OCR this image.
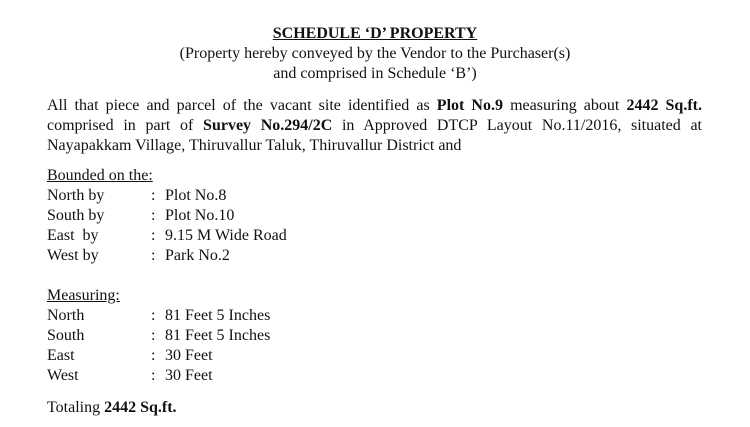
SCHEDULE ‘D’ PROPERTY
(Property hereby conveyed by the Vendor to the Purchaser(s)
and comprised in Schedule ‘B’)
All that piece and parcel of the vacant site identified as Plot No.9 measuring about 2442 Sq.ft. comprised in part of Survey No.294/2C in Approved DTCP Layout No.11/2016, situated at Nayapakkam Village, Thiruvallur Taluk, Thiruvallur District and
Bounded on the:
North by	: Plot No.8
South by	: Plot No.10
East  by	: 9.15 M Wide Road
West by	: Park No.2
Measuring:
North	: 81 Feet 5 Inches
South	: 81 Feet 5 Inches
East	: 30 Feet
West	: 30 Feet
Totaling 2442 Sq.ft.
